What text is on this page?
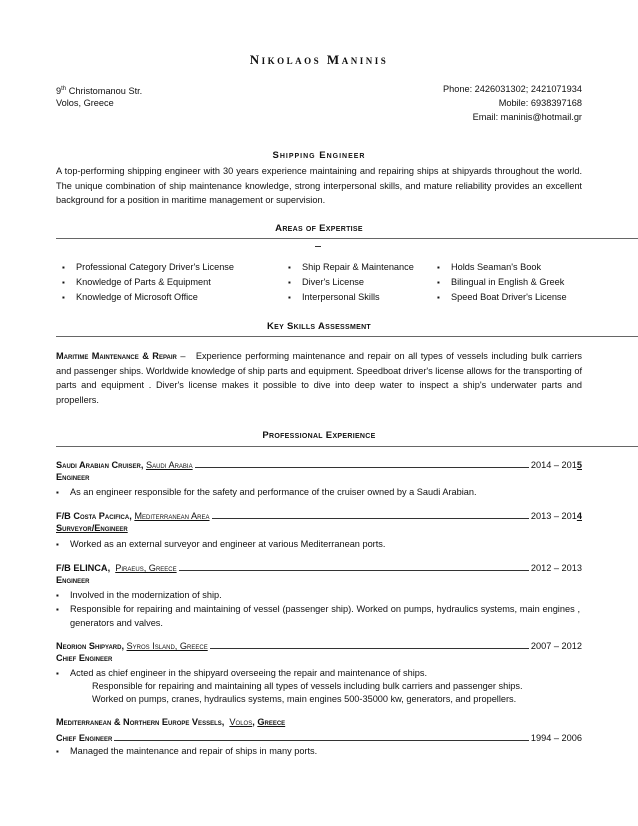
Nikolaos Maninis
9th Christomanou Str.
Volos, Greece
Phone: 2426031302; 2421071934
Mobile: 6938397168
Email: maninis@hotmail.gr
Shipping Engineer
A top-performing shipping engineer with 30 years experience maintaining and repairing ships at shipyards throughout the world. The unique combination of ship maintenance knowledge, strong interpersonal skills, and mature reliability provides an excellent background for a position in maritime management or supervision.
Areas of Expertise
▪ Professional Category Driver's License
▪ Knowledge of Parts & Equipment
▪ Knowledge of Microsoft Office
▪ Ship Repair & Maintenance
▪ Diver's License
▪ Interpersonal Skills
▪ Holds Seaman's Book
▪ Bilingual in English & Greek
▪ Speed Boat Driver's License
Key Skills Assessment
Maritime Maintenance & Repair – Experience performing maintenance and repair on all types of vessels including bulk carriers and passenger ships. Worldwide knowledge of ship parts and equipment. Speedboat driver's license allows for the transporting of parts and equipment . Diver's license makes it possible to dive into deep water to inspect a ship's underwater parts and propellers.
Professional Experience
Saudi Arabian Cruiser , Saudi Arabia	2014 – 2015
Engineer
▪ As an engineer responsible for the safety and performance of the cruiser owned by a Saudi Arabian.
F/B Costa Pacifica , Mediterranean Area	2013 – 2014
Surveyor/Engineer
▪ Worked as an external surveyor and engineer at various Mediterranean ports.
F/B ELINCA , Piraeus, Greece	2012 – 2013
Engineer
▪ Involved in the modernization of ship.
▪ Responsible for repairing and maintaining of vessel (passenger ship). Worked on pumps, hydraulics systems, main engines , generators and valves.
Neorion Shipyard , Syros Island, Greece	2007 – 2012
Chief Engineer
▪ Acted as chief engineer in the shipyard overseeing the repair and maintenance of ships.
Responsible for repairing and maintaining all types of vessels including bulk carriers and passenger ships.
Worked on pumps, cranes, hydraulics systems, main engines 500-35000 kw, generators, and propellers.
Mediterranean & Northern Europe Vessels,  Volos, Greece
Chief Engineer	1994 – 2006
▪ Managed the maintenance and repair of ships in many ports.
